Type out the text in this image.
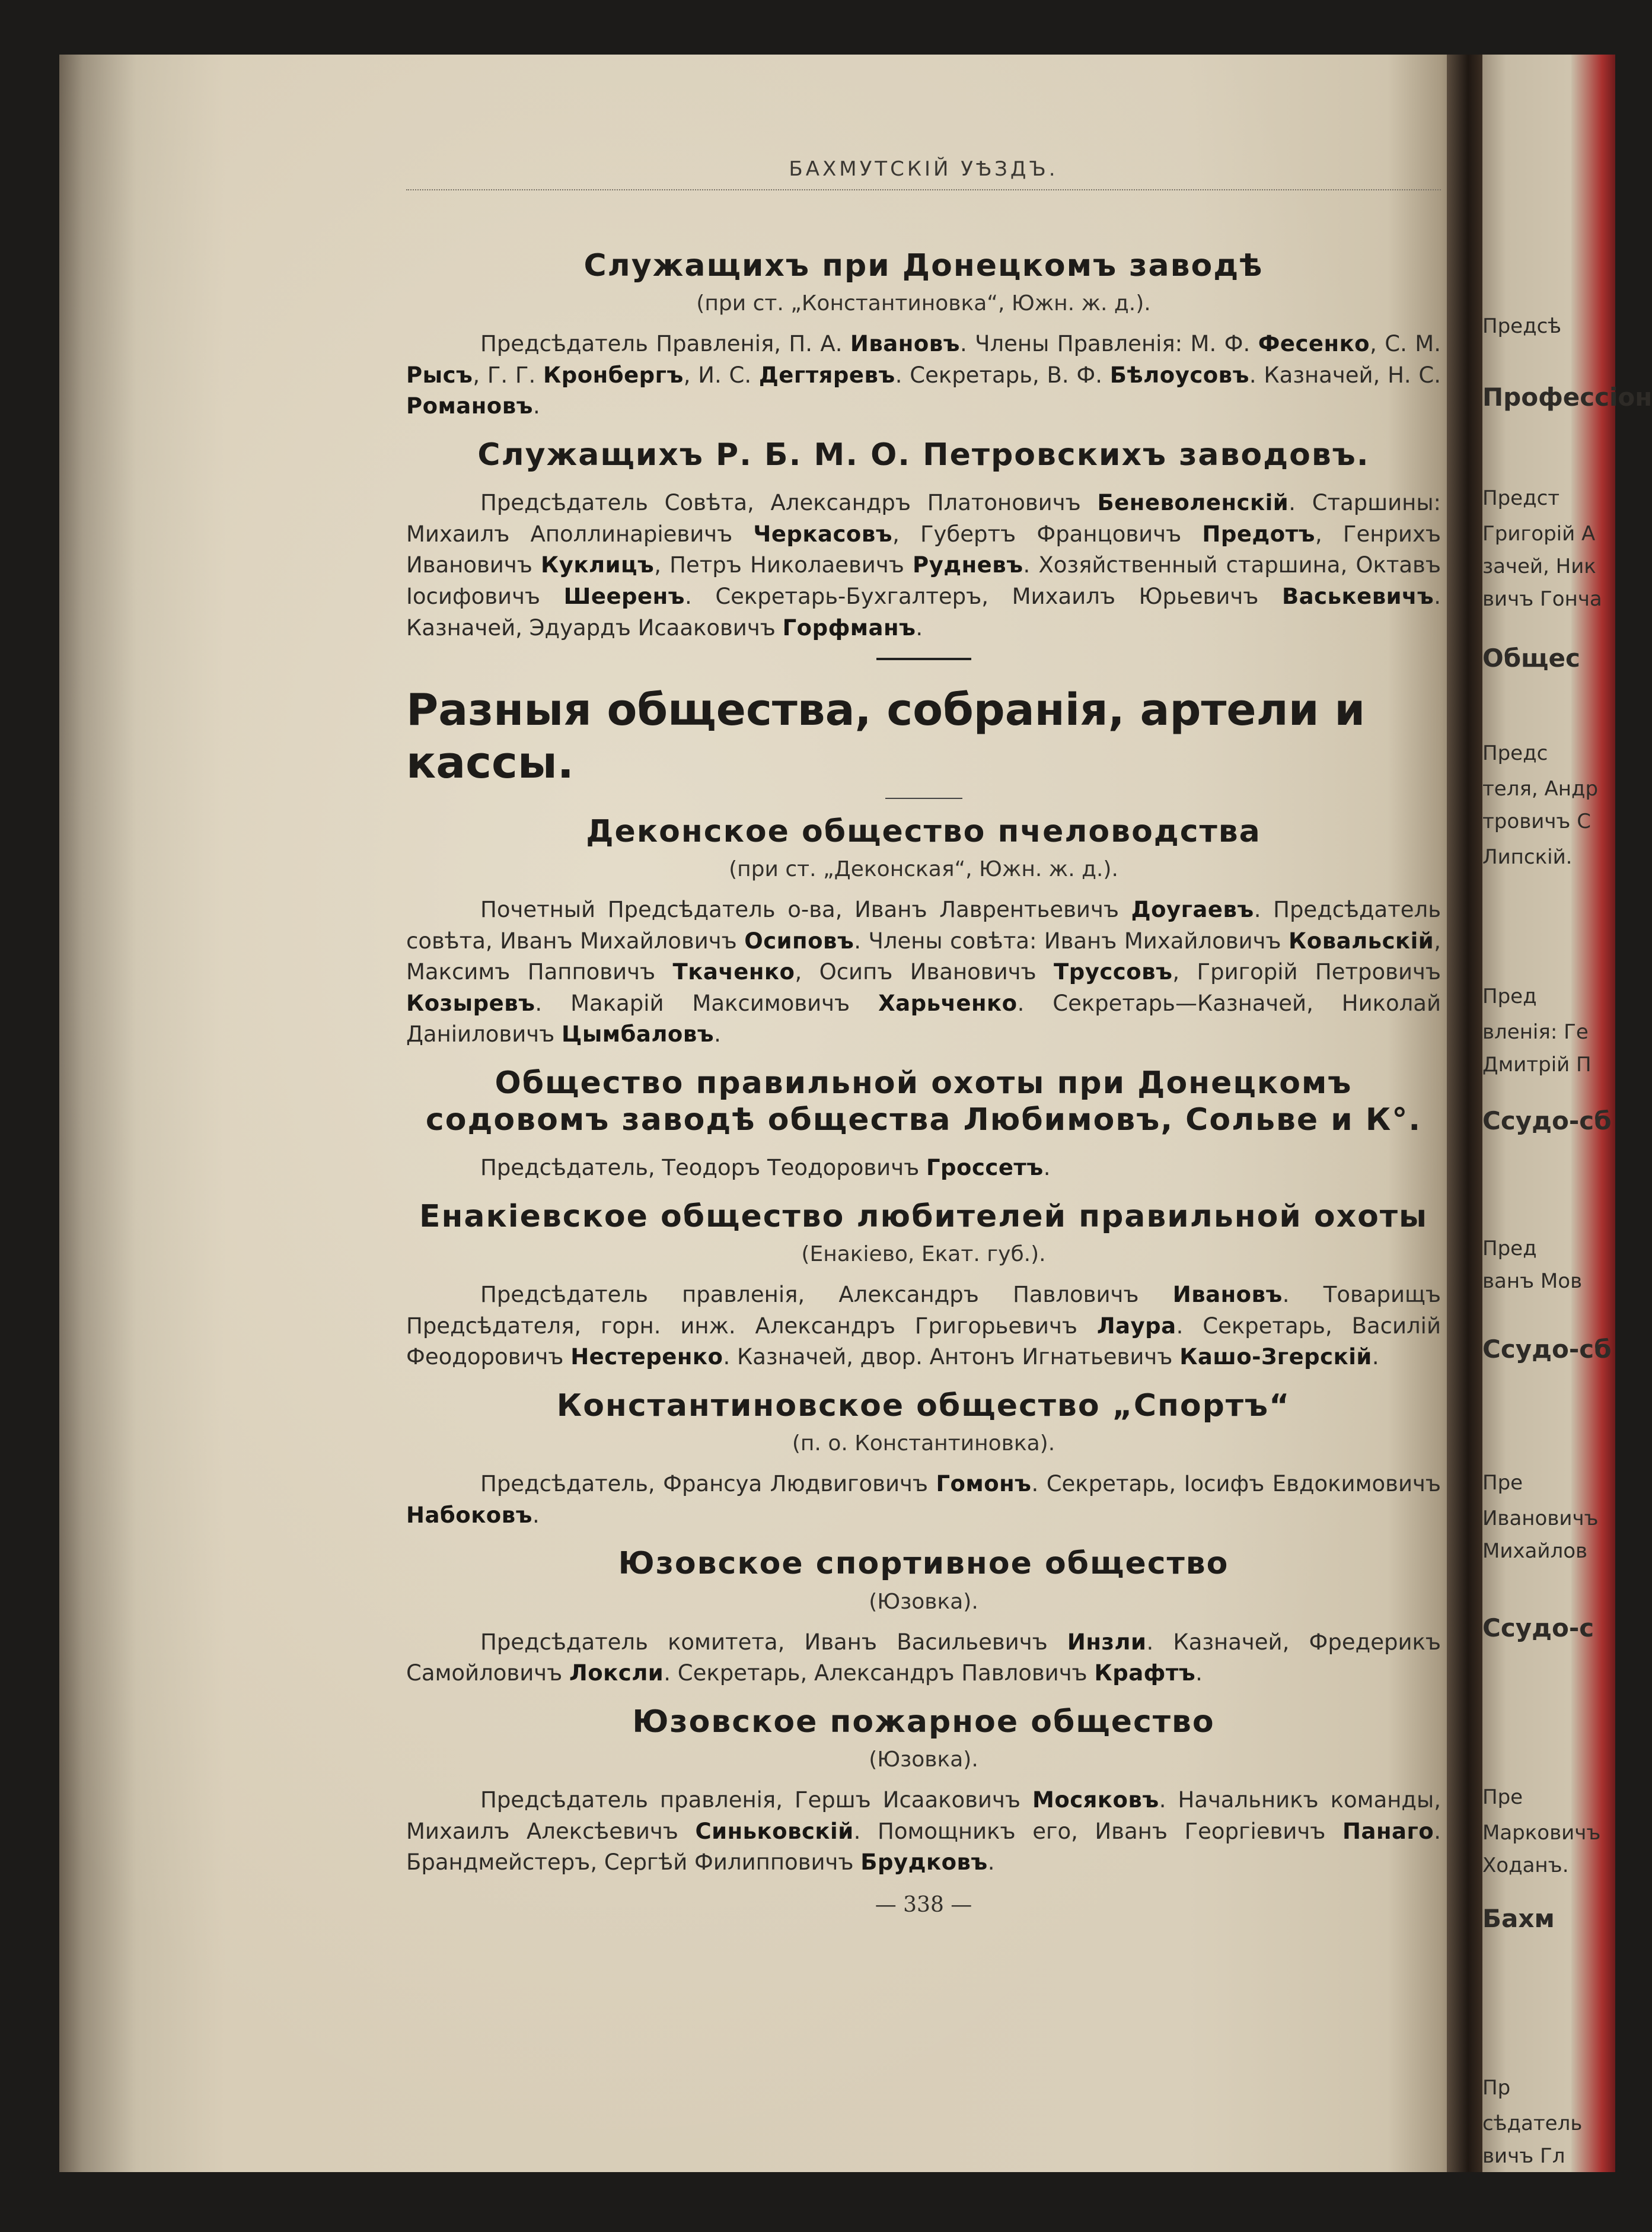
БАХМУТСКІЙ УѢЗДЪ.
Служащихъ при Донецкомъ заводѣ
(при ст. „Константиновка“, Южн. ж. д.).

Предсѣдатель Правленія, П. А. Ивановъ. Члены Правленія: М. Ф. Фесенко, С. М. Рысъ, Г. Г. Кронбергъ, И. С. Дегтяревъ. Секретарь, В. Ф. Бѣлоусовъ. Казначей, Н. С. Романовъ.

Служащихъ Р. Б. М. О. Петровскихъ заводовъ.

Предсѣдатель Совѣта, Александръ Платоновичъ Беневоленскій. Старшины: Михаилъ Аполлинаріевичъ Черкасовъ, Губертъ Францовичъ Предотъ, Генрихъ Ивановичъ Куклицъ, Петръ Николаевичъ Рудневъ. Хозяйственный старшина, Октавъ Іосифовичъ Шееренъ. Секретарь-Бухгалтеръ, Михаилъ Юрьевичъ Васькевичъ. Казначей, Эдуардъ Исааковичъ Горфманъ.

Разныя общества, собранія, артели и кассы.
Деконское общество пчеловодства
(при ст. „Деконская“, Южн. ж. д.).

Почетный Предсѣдатель о-ва, Иванъ Лаврентьевичъ Доугаевъ. Предсѣдатель совѣта, Иванъ Михайловичъ Осиповъ. Члены совѣта: Иванъ Михайловичъ Ковальскій, Максимъ Папповичъ Ткаченко, Осипъ Ивановичъ Труссовъ, Григорій Петровичъ Козыревъ. Макарій Максимовичъ Харьченко. Секретарь—Казначей, Николай Даніиловичъ Цымбаловъ.

Общество правильной охоты при Донецкомъ содовомъ заводѣ общества Любимовъ, Сольве и К°.

Предсѣдатель, Теодоръ Теодоровичъ Гроссетъ.

Енакіевское общество любителей правильной охоты
(Енакіево, Екат. губ.).

Предсѣдатель правленія, Александръ Павловичъ Ивановъ. Товарищъ Предсѣдателя, горн. инж. Александръ Григорьевичъ Лаура. Секретарь, Василій Феодоровичъ Нестеренко. Казначей, двор. Антонъ Игнатьевичъ Кашо-Згерскій.

Константиновское общество „Спортъ“
(п. о. Константиновка).

Предсѣдатель, Франсуа Людвиговичъ Гомонъ. Секретарь, Іосифъ Евдокимовичъ Набоковъ.

Юзовское спортивное общество
(Юзовка).

Предсѣдатель комитета, Иванъ Васильевичъ Инзли. Казначей, Фредерикъ Самойловичъ Локсли. Секретарь, Александръ Павловичъ Крафтъ.

Юзовское пожарное общество
(Юзовка).

Предсѣдатель правленія, Гершъ Исааковичъ Мосяковъ. Начальникъ команды, Михаилъ Алексѣевичъ Синьковскій. Помощникъ его, Иванъ Георгіевичъ Панаго. Брандмейстеръ, Сергѣй Филипповичъ Брудковъ.

— 338 —
Предсѣ
Профессіон
Предст
Григорій А
зачей, Ник
вичъ Гонча
Общес
Предс
теля, Андр
тровичъ С
Липскій.
Пред
вленія: Ге
Дмитрій П
Ссудо-сб
Пред
ванъ Мов
Ссудо-сб
Пре
Ивановичъ
Михайлов
Ссудо-с
Пре
Марковичъ
Ходанъ.
Бахм
Пр
сѣдатель
вичъ Гл
